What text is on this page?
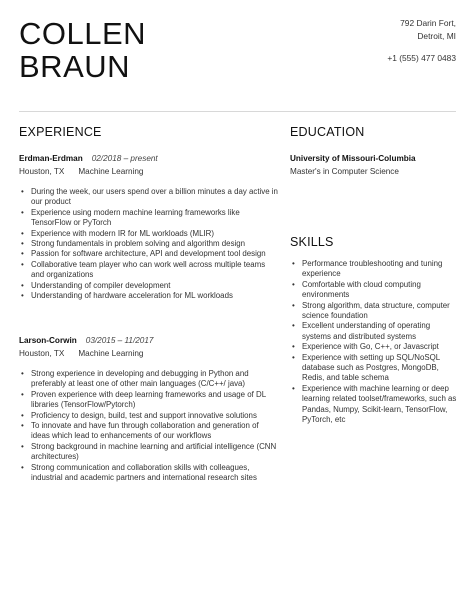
COLLEN
BRAUN
792 Darin Fort,
Detroit, MI
+1 (555) 477 0483
EXPERIENCE	EDUCATION
SKILLS
Erdman-Erdman 02/2018 – present
Houston, TX Machine Learning
• During the week, our users spend over a billion minutes a day active in our product
• Experience using modern machine learning frameworks like TensorFlow or PyTorch
• Experience with modern IR for ML workloads (MLIR)
• Strong fundamentals in problem solving and algorithm design
• Passion for software architecture, API and development tool design
• Collaborative team player who can work well across multiple teams and organizations
• Understanding of compiler development
• Understanding of hardware acceleration for ML workloads
Larson-Corwin 03/2015 – 11/2017
Houston, TX Machine Learning
• Strong experience in developing and debugging in Python and preferably at least one of other main languages (C/C++/ java)
• Proven experience with deep learning frameworks and usage of DL libraries (TensorFlow/Pytorch)
• Proficiency to design, build, test and support innovative solutions
• To innovate and have fun through collaboration and generation of ideas which lead to enhancements of our workflows
• Strong background in machine learning and artificial intelligence (CNN architectures)
• Strong communication and collaboration skills with colleagues, industrial and academic partners and international research sites
University of Missouri-Columbia
Master's in Computer Science
• Performance troubleshooting and tuning experience
• Comfortable with cloud computing environments
• Strong algorithm, data structure, computer science foundation
• Excellent understanding of operating systems and distributed systems
• Experience with Go, C++, or Javascript
• Experience with setting up SQL/NoSQL database such as Postgres, MongoDB, Redis, and table schema
• Experience with machine learning or deep learning related toolset/frameworks, such as Pandas, Numpy, Scikit-learn, TensorFlow, PyTorch, etc
